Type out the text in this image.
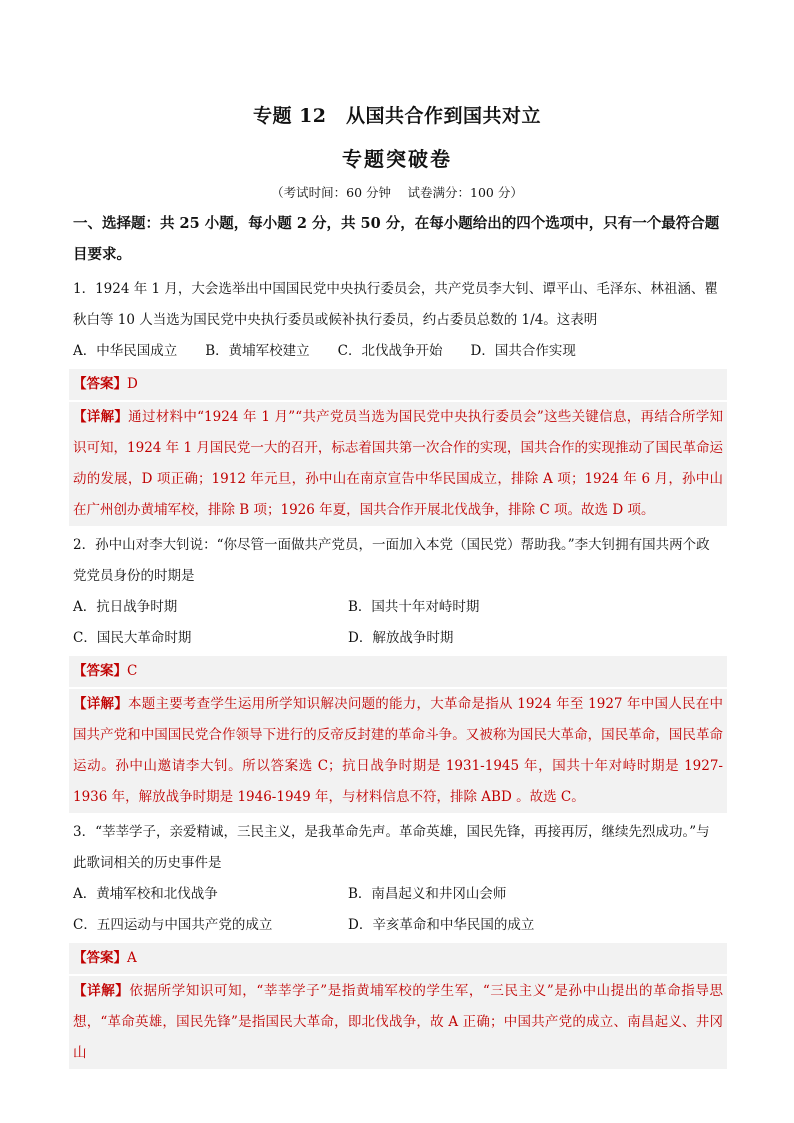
专题 12　从国共合作到国共对立
专题突破卷
（考试时间：60 分钟　 试卷满分：100 分）
一、选择题：共 25 小题，每小题 2 分，共 50 分，在每小题给出的四个选项中，只有一个最符合题目要求。
1．1924 年 1 月，大会选举出中国国民党中央执行委员会，共产党员李大钊、谭平山、毛泽东、林祖涵、瞿秋白等 10 人当选为国民党中央执行委员或候补执行委员，约占委员总数的 1/4。这表明
A．中华民国成立 B．黄埔军校建立 C．北伐战争开始 D．国共合作实现
【答案】D
【详解】通过材料中“1924 年 1 月”“共产党员当选为国民党中央执行委员会”这些关键信息，再结合所学知识可知，1924 年 1 月国民党一大的召开，标志着国共第一次合作的实现，国共合作的实现推动了国民革命运动的发展，D 项正确；1912 年元旦，孙中山在南京宣告中华民国成立，排除 A 项；1924 年 6 月，孙中山在广州创办黄埔军校，排除 B 项；1926 年夏，国共合作开展北伐战争，排除 C 项。故选 D 项。
2．孙中山对李大钊说：“你尽管一面做共产党员，一面加入本党（国民党）帮助我。”李大钊拥有国共两个政党党员身份的时期是
A．抗日战争时期	B．国共十年对峙时期
C．国民大革命时期	D．解放战争时期
【答案】C
【详解】本题主要考查学生运用所学知识解决问题的能力，大革命是指从 1924 年至 1927 年中国人民在中国共产党和中国国民党合作领导下进行的反帝反封建的革命斗争。又被称为国民大革命，国民革命，国民革命运动。孙中山邀请李大钊。所以答案选 C；抗日战争时期是 1931-1945 年，国共十年对峙时期是 1927-1936 年，解放战争时期是 1946-1949 年，与材料信息不符，排除 ABD 。故选 C。
3．“莘莘学子，亲爱精诚，三民主义，是我革命先声。革命英雄，国民先锋，再接再厉，继续先烈成功。”与此歌词相关的历史事件是
A．黄埔军校和北伐战争	B．南昌起义和井冈山会师
C．五四运动与中国共产党的成立	D．辛亥革命和中华民国的成立
【答案】A
【详解】依据所学知识可知，“莘莘学子”是指黄埔军校的学生军，“三民主义”是孙中山提出的革命指导思想，“革命英雄，国民先锋”是指国民大革命，即北伐战争，故 A 正确；中国共产党的成立、南昌起义、井冈山
